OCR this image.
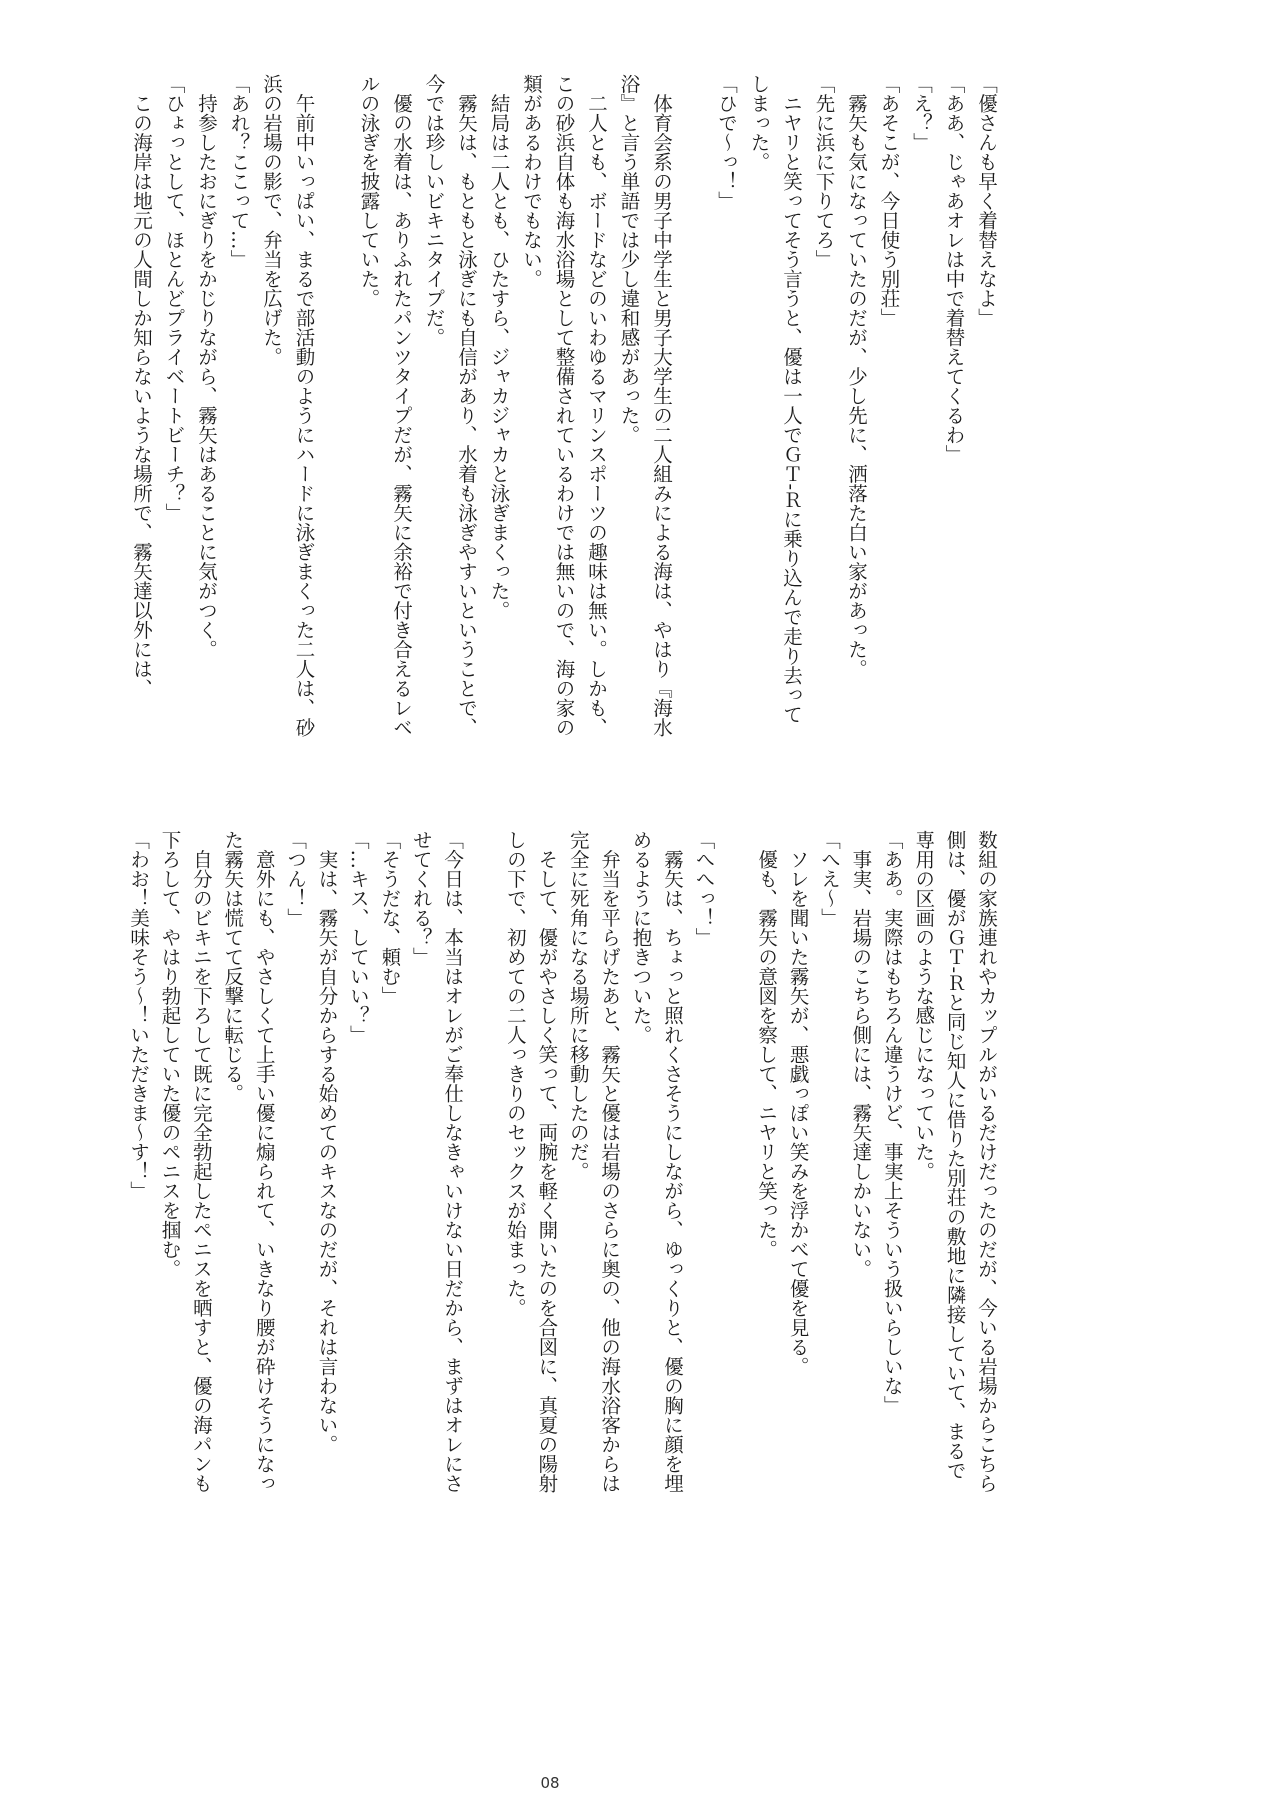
「優さんも早く着替えなよ」
「ああ、じゃあオレは中で着替えてくるわ」
「え？」
「あそこが、今日使う別荘」
　霧矢も気になっていたのだが、少し先に、洒落た白い家があった。
「先に浜に下りてろ」
　ニヤリと笑ってそう言うと、優は一人でＧＴ‐Ｒに乗り込んで走り去って
しまった。
「ひで〜っ！」
　体育会系の男子中学生と男子大学生の二人組みによる海は、やはり『海水
浴』と言う単語では少し違和感があった。
　二人とも、ボードなどのいわゆるマリンスポーツの趣味は無い。しかも、
この砂浜自体も海水浴場として整備されているわけでは無いので、海の家の
類があるわけでもない。
　結局は二人とも、ひたすら、ジャカジャカと泳ぎまくった。
　霧矢は、もともと泳ぎにも自信があり、水着も泳ぎやすいということで、
今では珍しいビキニタイプだ。
　優の水着は、ありふれたパンツタイプだが、霧矢に余裕で付き合えるレベ
ルの泳ぎを披露していた。
　午前中いっぱい、まるで部活動のようにハードに泳ぎまくった二人は、砂
浜の岩場の影で、弁当を広げた。
「あれ？ここって…」
　持参したおにぎりをかじりながら、霧矢はあることに気がつく。
「ひょっとして、ほとんどプライベートビーチ？」
　この海岸は地元の人間しか知らないような場所で、霧矢達以外には、
数組の家族連れやカップルがいるだけだったのだが、今いる岩場からこちら
側は、優がＧＴ‐Ｒと同じ知人に借りた別荘の敷地に隣接していて、まるで
専用の区画のような感じになっていた。
「ああ。実際はもちろん違うけど、事実上そういう扱いらしいな」
　事実、岩場のこちら側には、霧矢達しかいない。
「へえ〜」
　ソレを聞いた霧矢が、悪戯っぽい笑みを浮かべて優を見る。
　優も、霧矢の意図を察して、ニヤリと笑った。
「へへっ！」
　霧矢は、ちょっと照れくさそうにしながら、ゆっくりと、優の胸に顔を埋
めるように抱きついた。
　弁当を平らげたあと、霧矢と優は岩場のさらに奥の、他の海水浴客からは
完全に死角になる場所に移動したのだ。
　そして、優がやさしく笑って、両腕を軽く開いたのを合図に、真夏の陽射
しの下で、初めての二人っきりのセックスが始まった。
「今日は、本当はオレがご奉仕しなきゃいけない日だから、まずはオレにさ
せてくれる？」
「そうだな、頼む」
「…キス、していい？」
　実は、霧矢が自分からする始めてのキスなのだが、それは言わない。
「つん！」
　意外にも、やさしくて上手い優に煽られて、いきなり腰が砕けそうになっ
た霧矢は慌てて反撃に転じる。
　自分のビキニを下ろして既に完全勃起したペニスを晒すと、優の海パンも
下ろして、やはり勃起していた優のペニスを掴む。
「わお！美味そう〜！いただきま〜す！」
08
